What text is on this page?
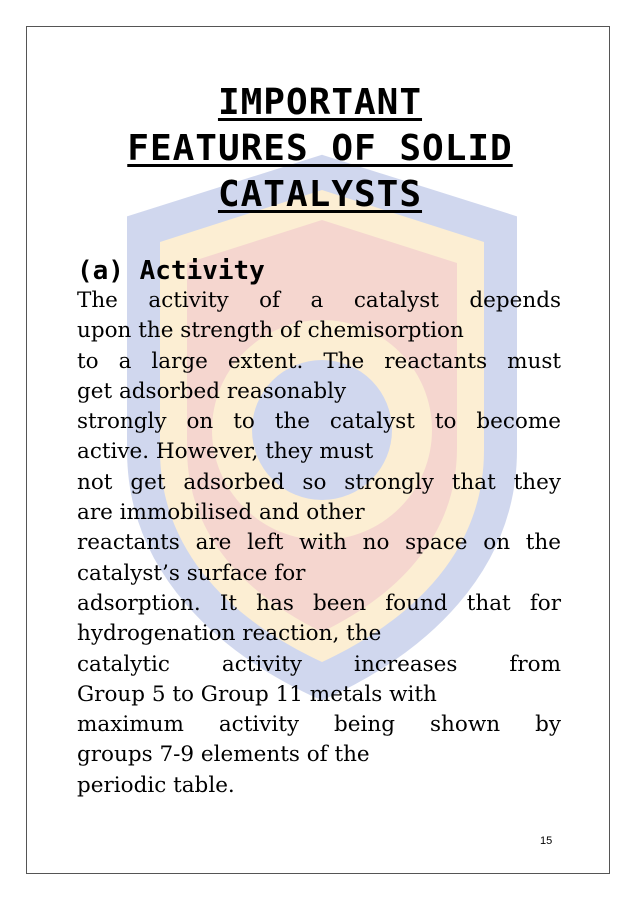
IMPORTANT
FEATURES OF SOLID
CATALYSTS
(a) Activity
The activity of a catalyst depends
upon the strength of chemisorption
to a large extent. The reactants must
get adsorbed reasonably
strongly on to the catalyst to become
active. However, they must
not get adsorbed so strongly that they
are immobilised and other
reactants are left with no space on the
catalyst’s surface for
adsorption. It has been found that for
hydrogenation reaction, the
catalytic activity increases from
Group 5 to Group 11 metals with
maximum activity being shown by
groups 7-9 elements of the
periodic table.
15
